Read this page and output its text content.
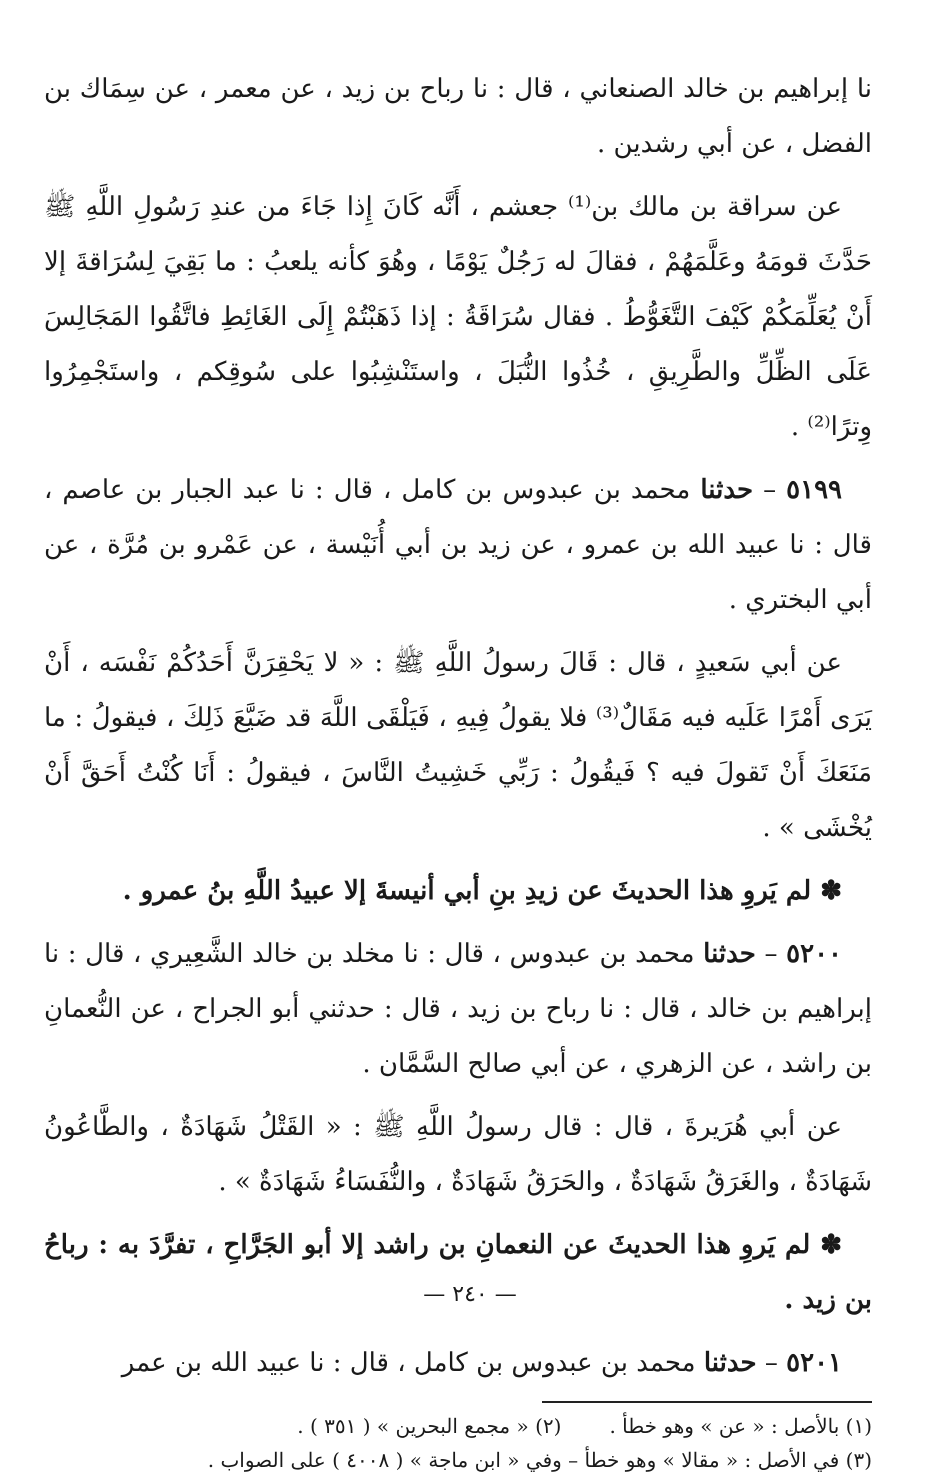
نا إبراهيم بن خالد الصنعاني ، قال : نا رباح بن زيد ، عن معمر ، عن سِمَاك بن الفضل ، عن أبي رشدين .

عن سراقة بن مالك بن⁽¹⁾ جعشم ، أَنَّه كَانَ إِذا جَاءَ من عندِ رَسُولِ اللَّهِ ﷺ حَدَّثَ قومَهُ وعَلَّمَهُمْ ، فقالَ له رَجُلٌ يَوْمًا ، وهُوَ كأنه يلعبُ : ما بَقِيَ لِسُرَاقةَ إلا أَنْ يُعَلِّمَكُمْ كَيْفَ التَّغَوُّطُ . فقال سُرَاقَةُ : إذا ذَهَبْتُمْ إِلَى الغَائِطِ فاتَّقُوا المَجَالِسَ عَلَى الظِّلِّ والطَّرِيقِ ، خُذُوا النُّبَلَ ، واستَنْشِبُوا على سُوقِكم ، واستَجْمِرُوا وِترًا⁽²⁾ .

٥١٩٩ – حدثنا محمد بن عبدوس بن كامل ، قال : نا عبد الجبار بن عاصم ، قال : نا عبيد الله بن عمرو ، عن زيد بن أبي أُنَيْسة ، عن عَمْرو بن مُرَّة ، عن أبي البختري .

عن أبي سَعيدٍ ، قال : قَالَ رسولُ اللَّهِ ﷺ : « لا يَحْقِرَنَّ أَحَدُكُمْ نَفْسَه ، أَنْ يَرَى أَمْرًا عَلَيه فيه مَقَالٌ⁽³⁾ فلا يقولُ فِيهِ ، فَيَلْقَى اللَّهَ قد ضَيَّعَ ذَلِكَ ، فيقولُ : ما مَنَعَكَ أَنْ تَقولَ فيه ؟ فَيقُولُ : رَبِّي خَشِيتُ النَّاسَ ، فيقولُ : أَنَا كُنْتُ أَحَقَّ أَنْ يُخْشَى » .

✽ لم يَروِ هذا الحديثَ عن زيدِ بنِ أبي أنيسةَ إلا عبيدُ اللَّهِ بنُ عمرو .

٥٢٠٠ – حدثنا محمد بن عبدوس ، قال : نا مخلد بن خالد الشَّعِيري ، قال : نا إبراهيم بن خالد ، قال : نا رباح بن زيد ، قال : حدثني أبو الجراح ، عن النُّعمانِ بن راشد ، عن الزهري ، عن أبي صالح السَّمَّان .

عن أبي هُرَيرةَ ، قال : قال رسولُ اللَّهِ ﷺ : « القَتْلُ شَهَادَةٌ ، والطَّاعُونُ شَهَادَةٌ ، والغَرَقُ شَهَادَةٌ ، والحَرَقُ شَهَادَةٌ ، والنُّفَسَاءُ شَهَادَةٌ » .

✽ لم يَروِ هذا الحديثَ عن النعمانِ بن راشد إلا أبو الجَرَّاحِ ، تفرَّدَ به : رباحُ بن زيد .

٥٢٠١ – حدثنا محمد بن عبدوس بن كامل ، قال : نا عبيد الله بن عمر

(١) بالأصل : « عن » وهو خطأ .
(٢) « مجمع البحرين » ( ٣٥١ ) .
(٣) في الأصل : « مقالا » وهو خطأ – وفي « ابن ماجة » ( ٤٠٠٨ ) على الصواب .
— ٢٤٠ —
